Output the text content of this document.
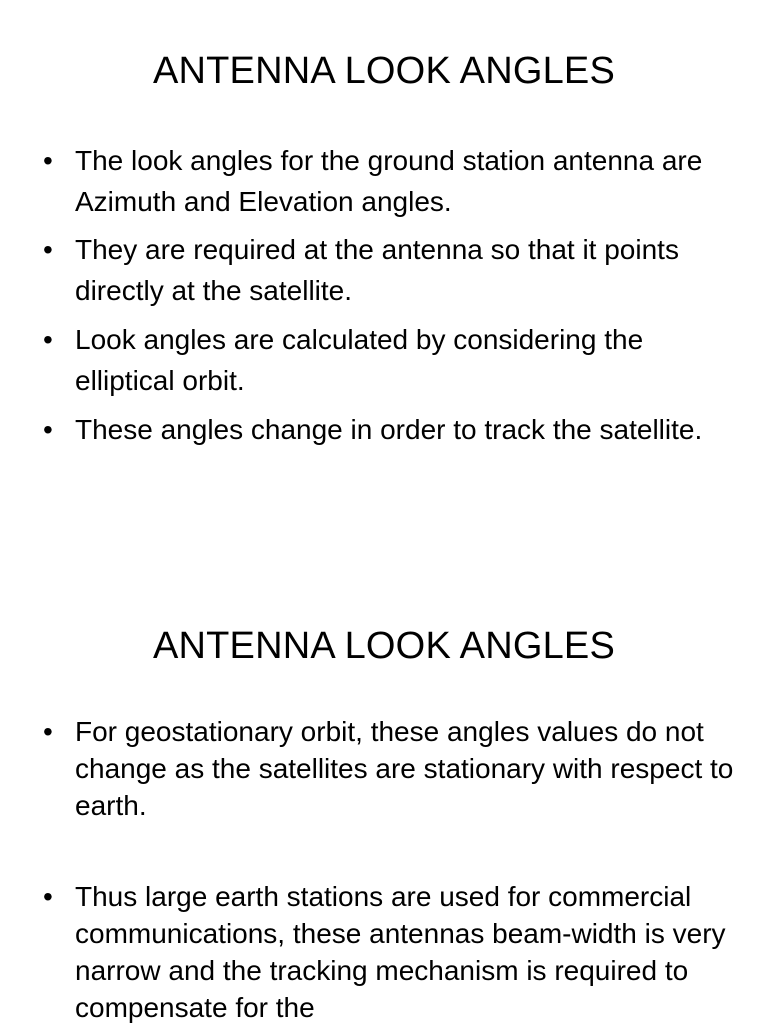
ANTENNA LOOK ANGLES
• The look angles for the ground station antenna are Azimuth and Elevation angles.
• They are required at the antenna so that it points directly at the satellite.
• Look angles are calculated by considering the elliptical orbit.
• These angles change in order to track the satellite.
ANTENNA LOOK ANGLES
• For geostationary orbit, these angles values do not change as the satellites are stationary with respect to earth.
• Thus large earth stations are used for commercial communications, these antennas beam-width is very narrow and the tracking mechanism is required to compensate for the
